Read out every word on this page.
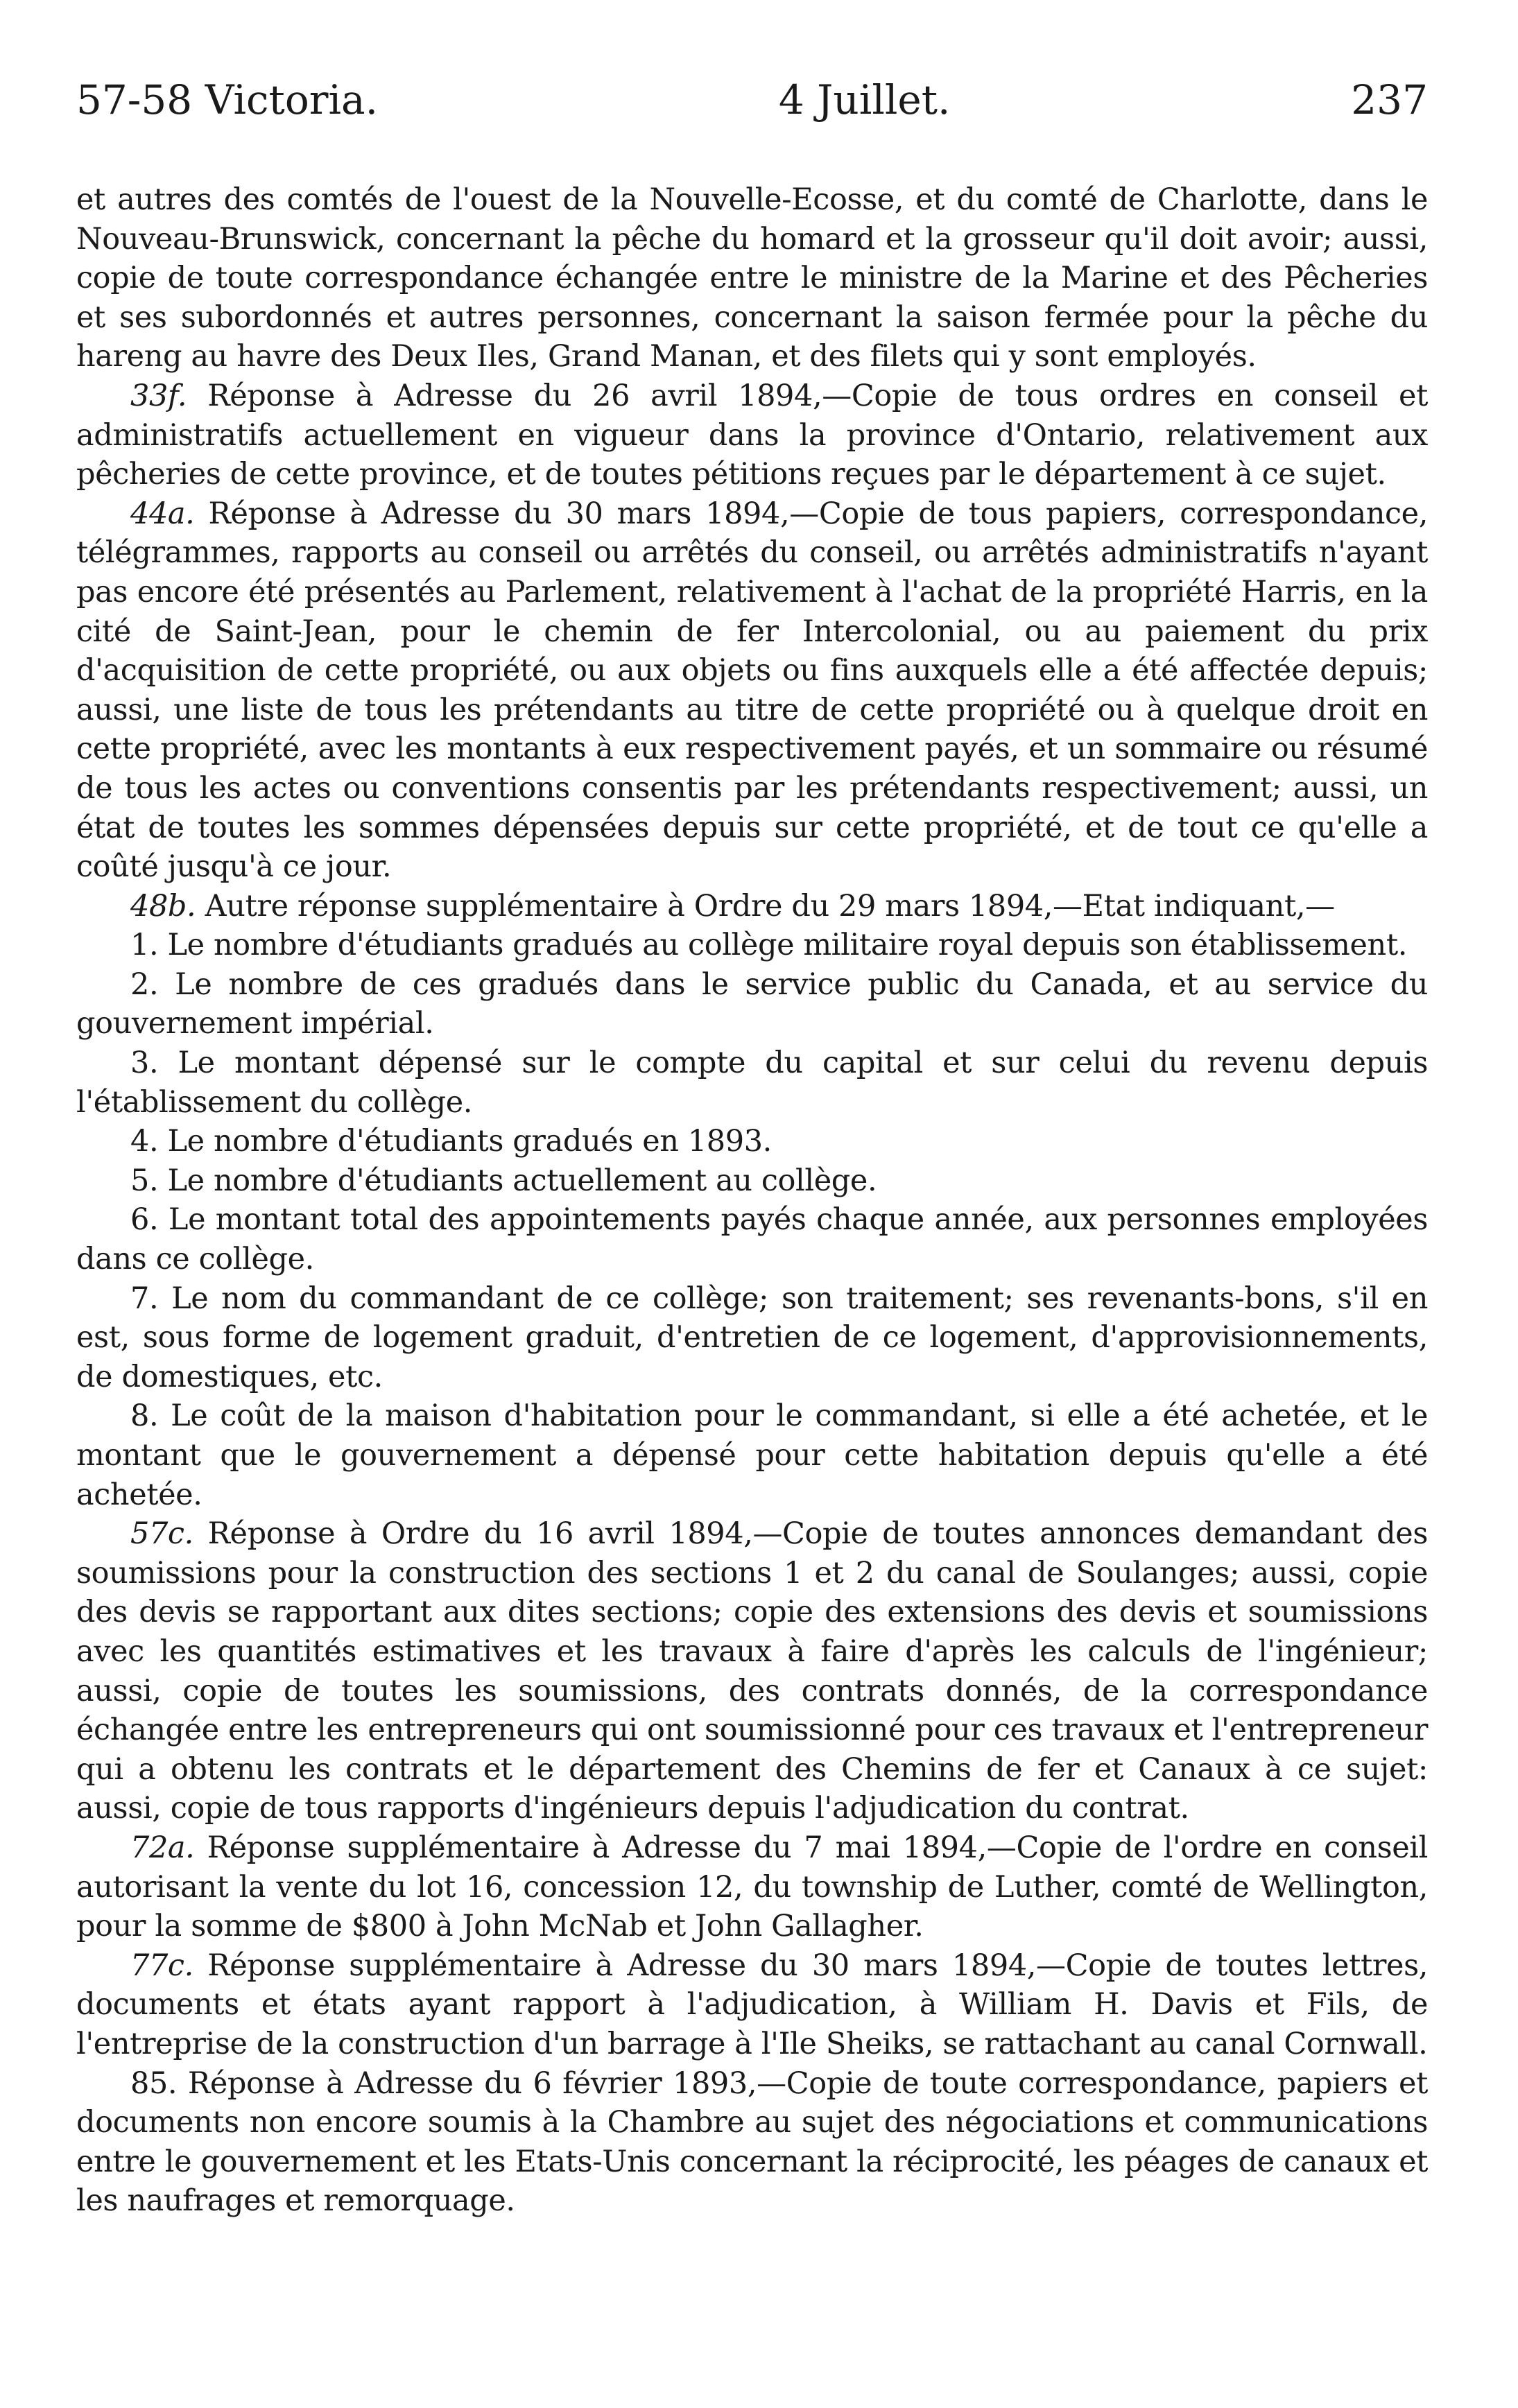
57-58 Victoria.	4 Juillet.	237

et autres des comtés de l'ouest de la Nouvelle-Ecosse, et du comté de Charlotte, dans le Nouveau-Brunswick, concernant la pêche du homard et la grosseur qu'il doit avoir; aussi, copie de toute correspondance échangée entre le ministre de la Marine et des Pêcheries et ses subordonnés et autres personnes, concernant la saison fermée pour la pêche du hareng au havre des Deux Iles, Grand Manan, et des filets qui y sont employés.

33f. Réponse à Adresse du 26 avril 1894,—Copie de tous ordres en conseil et administratifs actuellement en vigueur dans la province d'Ontario, relativement aux pêcheries de cette province, et de toutes pétitions reçues par le département à ce sujet.

44a. Réponse à Adresse du 30 mars 1894,—Copie de tous papiers, correspondance, télégrammes, rapports au conseil ou arrêtés du conseil, ou arrêtés administratifs n'ayant pas encore été présentés au Parlement, relativement à l'achat de la propriété Harris, en la cité de Saint-Jean, pour le chemin de fer Intercolonial, ou au paiement du prix d'acquisition de cette propriété, ou aux objets ou fins auxquels elle a été affectée depuis; aussi, une liste de tous les prétendants au titre de cette propriété ou à quelque droit en cette propriété, avec les montants à eux respectivement payés, et un sommaire ou résumé de tous les actes ou conventions consentis par les prétendants respectivement; aussi, un état de toutes les sommes dépensées depuis sur cette propriété, et de tout ce qu'elle a coûté jusqu'à ce jour.

48b. Autre réponse supplémentaire à Ordre du 29 mars 1894,—Etat indiquant,—

1. Le nombre d'étudiants gradués au collège militaire royal depuis son établissement.

2. Le nombre de ces gradués dans le service public du Canada, et au service du gouvernement impérial.

3. Le montant dépensé sur le compte du capital et sur celui du revenu depuis l'établissement du collège.

4. Le nombre d'étudiants gradués en 1893.

5. Le nombre d'étudiants actuellement au collège.

6. Le montant total des appointements payés chaque année, aux personnes employées dans ce collège.

7. Le nom du commandant de ce collège; son traitement; ses revenants-bons, s'il en est, sous forme de logement graduit, d'entretien de ce logement, d'approvisionnements, de domestiques, etc.

8. Le coût de la maison d'habitation pour le commandant, si elle a été achetée, et le montant que le gouvernement a dépensé pour cette habitation depuis qu'elle a été achetée.

57c. Réponse à Ordre du 16 avril 1894,—Copie de toutes annonces demandant des soumissions pour la construction des sections 1 et 2 du canal de Soulanges; aussi, copie des devis se rapportant aux dites sections; copie des extensions des devis et soumissions avec les quantités estimatives et les travaux à faire d'après les calculs de l'ingénieur; aussi, copie de toutes les soumissions, des contrats donnés, de la correspondance échangée entre les entrepreneurs qui ont soumissionné pour ces travaux et l'entrepreneur qui a obtenu les contrats et le département des Chemins de fer et Canaux à ce sujet: aussi, copie de tous rapports d'ingénieurs depuis l'adjudication du contrat.

72a. Réponse supplémentaire à Adresse du 7 mai 1894,—Copie de l'ordre en conseil autorisant la vente du lot 16, concession 12, du township de Luther, comté de Wellington, pour la somme de $800 à John McNab et John Gallagher.

77c. Réponse supplémentaire à Adresse du 30 mars 1894,—Copie de toutes lettres, documents et états ayant rapport à l'adjudication, à William H. Davis et Fils, de l'entreprise de la construction d'un barrage à l'Ile Sheiks, se rattachant au canal Cornwall.

85. Réponse à Adresse du 6 février 1893,—Copie de toute correspondance, papiers et documents non encore soumis à la Chambre au sujet des négociations et communications entre le gouvernement et les Etats-Unis concernant la réciprocité, les péages de canaux et les naufrages et remorquage.
